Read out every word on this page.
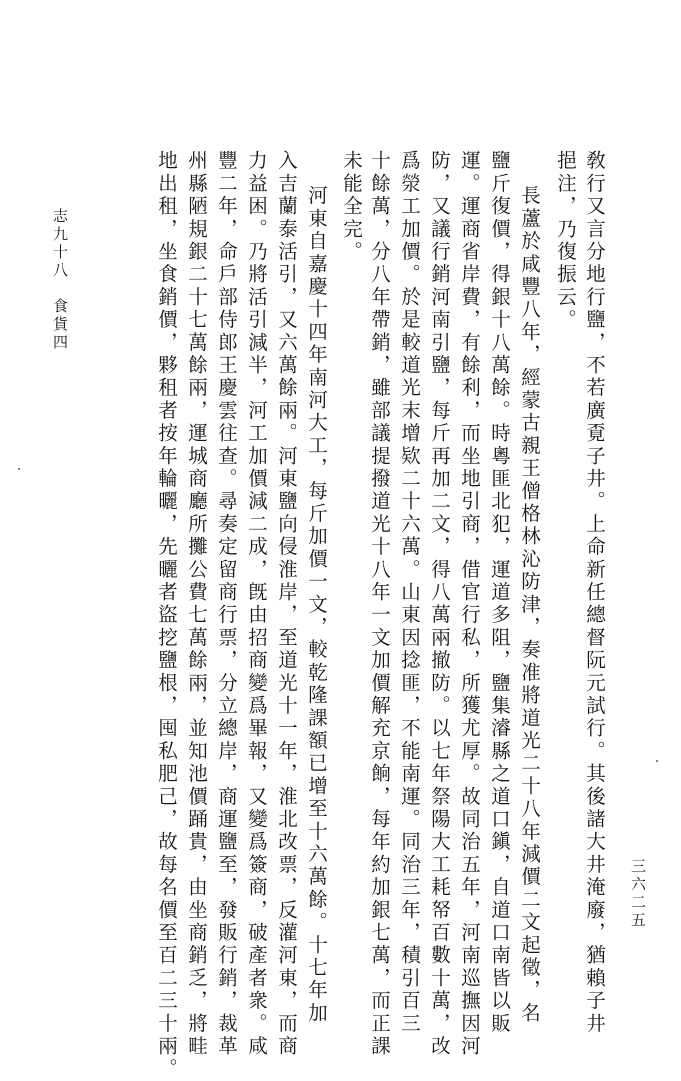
敎行又言分地行鹽，不若廣覔子井。上命新任總督阮元試行。其後諸大井淹廢，猶賴子井
挹注，乃復振云。
長蘆於咸豐八年，經蒙古親王僧格林沁防津，奏准將道光二十八年減價二文起徵，名
鹽斤復價，得銀十八萬餘。時粵匪北犯，運道多阻，鹽集濬縣之道口鎭，自道口南皆以販
運。運商省岸費，有餘利，而坐地引商，借官行私，所獲尤厚。故同治五年，河南巡撫因河
防，又議行銷河南引鹽，每斤再加二文，得八萬兩撤防。以七年祭陽大工耗帑百數十萬，改
爲滎工加價。於是較道光末增欵二十六萬。山東因捻匪，不能南運。同治三年，積引百三
十餘萬，分八年帶銷，雖部議提撥道光十八年一文加價解充京餉，每年約加銀七萬，而正課
未能全完。
河東自嘉慶十四年南河大工，每斤加價一文，較乾隆課額已增至十六萬餘。十七年加
入吉蘭泰活引，又六萬餘兩。河東鹽向侵淮岸，至道光十一年，淮北改票，反灌河東，而商
力益困。乃將活引減半，河工加價減二成，旣由招商變爲畢報，又變爲簽商，破產者衆。咸
豐二年，命戶部侍郎王慶雲往查。尋奏定留商行票，分立總岸，商運鹽至，發販行銷，裁革
州縣陋規銀二十七萬餘兩，運城商廳所攤公費七萬餘兩，並知池價踊貴，由坐商銷乏，將畦
地出租，坐食銷價，夥租者按年輪曬，先曬者盜挖鹽根，囤私肥己，故每名價至百二三十兩。
志九十八　食貨四
三六二五
